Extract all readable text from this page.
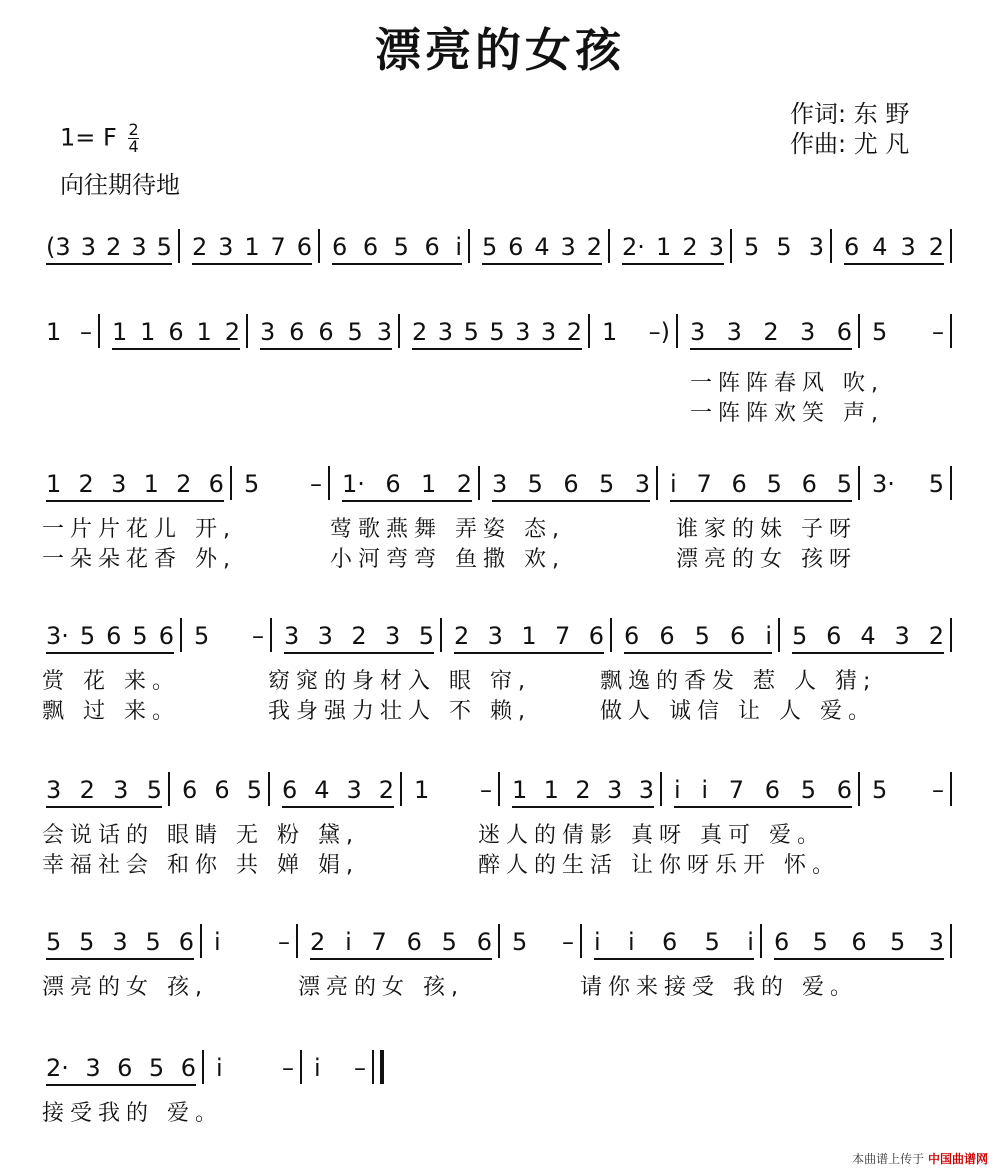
漂亮的女孩
1= F $\frac{2}{4}$
向往期待地
作词: 东 野
作曲: 尤 凡
(3 3 2 3 5 2 3 1 7 6 6 6 5 6 i 5 6 4 3 2 2· 1 2 3 5 5 3 6 4 3 2
1 – 1 1 6 1 2 3 6 6 5 3 2 3 5 5 3 3 2 1 –) 3 3 2 3 6 5 –
一阵阵春风 吹,
一阵阵欢笑 声,
1 2 3 1 2 6 5 – 1· 6 1 2 3 5 6 5 3 i 7 6 5 6 5 3· 5
一片片花儿 开,	莺歌燕舞 弄姿 态,	谁家的妹 子呀
一朵朵花香 外,	小河弯弯 鱼撒 欢,	漂亮的女 孩呀
3· 5 6 5 6 5 – 3 3 2 3 5 2 3 1 7 6 6 6 5 6 i 5 6 4 3 2
赏 花 来。	窈窕的身材入 眼 帘,	飘逸的香发 惹 人 猜;
飘 过 来。	我身强力壮人 不 赖,	做人 诚信 让 人 爱。
3 2 3 5 6 6 5 6 4 3 2 1 – 1 1 2 3 3 i i 7 6 5 6 5 –
会说话的 眼睛 无 粉 黛,	迷人的倩影 真呀 真可 爱。
幸福社会 和你 共 婵 娟,	醉人的生活 让你呀乐开 怀。
5 5 3 5 6 i – 2 i 7 6 5 6 5 – i i 6 5 i 6 5 6 5 3
漂亮的女 孩,	漂亮的女 孩,	请你来接受 我的 爱。
2· 3 6 5 6 i – i –
接受我的 爱。
本曲谱上传于 中国曲谱网
